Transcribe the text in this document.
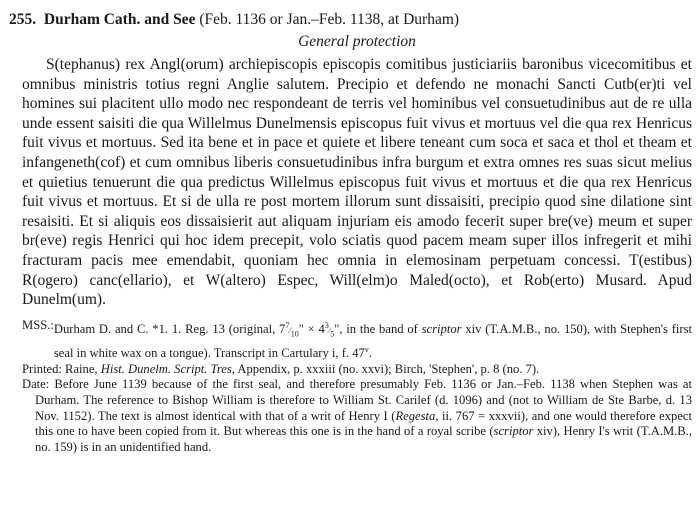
255. Durham Cath. and See (Feb. 1136 or Jan.–Feb. 1138, at Durham)
General protection

S(tephanus) rex Angl(orum) archiepiscopis episcopis comitibus justiciariis baronibus vicecomitibus et omnibus ministris totius regni Anglie salutem. Precipio et defendo ne monachi Sancti Cutb(er)ti vel homines sui placitent ullo modo nec respondeant de terris vel hominibus vel consuetudinibus aut de re ulla unde essent saisiti die qua Willelmus Dunelmensis episcopus fuit vivus et mortuus vel die qua rex Henricus fuit vivus et mortuus. Sed ita bene et in pace et quiete et libere teneant cum soca et saca et thol et theam et infangeneth(cof) et cum omnibus liberis consuetudinibus infra burgum et extra omnes res suas sicut melius et quietius tenuerunt die qua predictus Willelmus episcopus fuit vivus et mortuus et die qua rex Henricus fuit vivus et mortuus. Et si de ulla re post mortem illorum sunt dissaisiti, precipio quod sine dilatione sint resaisiti. Et si aliquis eos dissaisierit aut aliquam injuriam eis amodo fecerit super bre(ve) meum et super br(eve) regis Henrici qui hoc idem precepit, volo sciatis quod pacem meam super illos infregerit et mihi fracturam pacis mee emendabit, quoniam hec omnia in elemosinam perpetuam concessi. T(estibus) R(ogero) canc(ellario), et W(altero) Espec, Will(elm)o Maled(octo), et Rob(erto) Musard. Apud Dunelm(um).

MSS.: Durham D. and C. *1. 1. Reg. 13 (original, $7^7⁄_{10}$" × $4^3⁄_5$", in the band of scriptor xiv (T.A.M.B., no. 150), with Stephen's first seal in white wax on a tongue). Transcript in Cartulary i, f. 47$^v$.
Printed: Raine, Hist. Dunelm. Script. Tres, Appendix, p. xxxiii (no. xxvi); Birch, 'Stephen', p. 8 (no. 7).
Date: Before June 1139 because of the first seal, and therefore presumably Feb. 1136 or Jan.–Feb. 1138 when Stephen was at Durham. The reference to Bishop William is therefore to William St. Carilef (d. 1096) and (not to William de Ste Barbe, d. 13 Nov. 1152). The text is almost identical with that of a writ of Henry I (Regesta, ii. 767 = xxxvii), and one would therefore expect this one to have been copied from it. But whereas this one is in the hand of a royal scribe (scriptor xiv), Henry I's writ (T.A.M.B., no. 159) is in an unidentified hand.
